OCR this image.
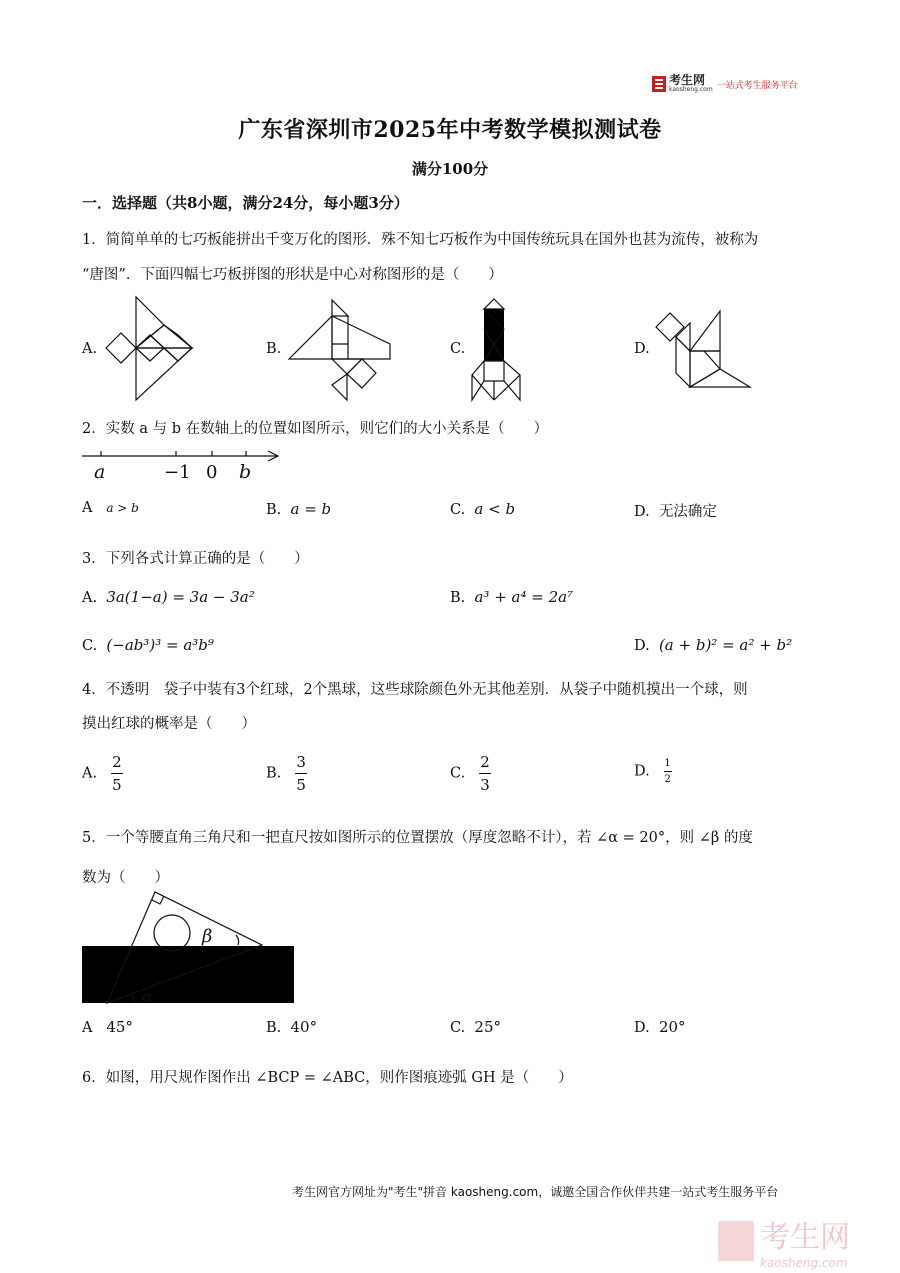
考生网
kaosheng.com 一站式考生服务平台
广东省深圳市2025年中考数学模拟测试卷
满分100分
一．选择题（共8小题，满分24分，每小题3分）
1．简简单单的七巧板能拼出千变万化的图形．殊不知七巧板作为中国传统玩具在国外也甚为流传，被称为
“唐图”．下面四幅七巧板拼图的形状是中心对称图形的是（　　）
A.	B.	C.	D.
2．实数 a 与 b 在数轴上的位置如图所示，则它们的大小关系是（　　）
a	−1 0 b
A a > b	B. a = b	C. a < b	D. 无法确定
3．下列各式计算正确的是（　　）
A. 3a(1−a) = 3a − 3a²	B. a³ + a⁴ = 2a⁷
C. (−ab³)³ = a³b⁹	D. (a + b)² = a² + b²
4．不透明　袋子中装有3个红球，2个黑球，这些球除颜色外无其他差别．从袋子中随机摸出一个球，则
摸出红球的概率是（　　）
A. $\frac{2}{5}$	B. $\frac{3}{5}$	C. $\frac{2}{3}$	D. $\frac{1}{2}$
5．一个等腰直角三角尺和一把直尺按如图所示的位置摆放（厚度忽略不计），若 ∠α = 20°，则 ∠β 的度
数为（　　）
β
α
A 45°	B. 40°	C. 25°	D. 20°
6．如图，用尺规作图作出 ∠BCP = ∠ABC，则作图痕迹弧 GH 是（　　）
考生网官方网址为"考生"拼音 kaosheng.com，诚邀全国合作伙伴共建一站式考生服务平台
考生网
kaosheng.com
